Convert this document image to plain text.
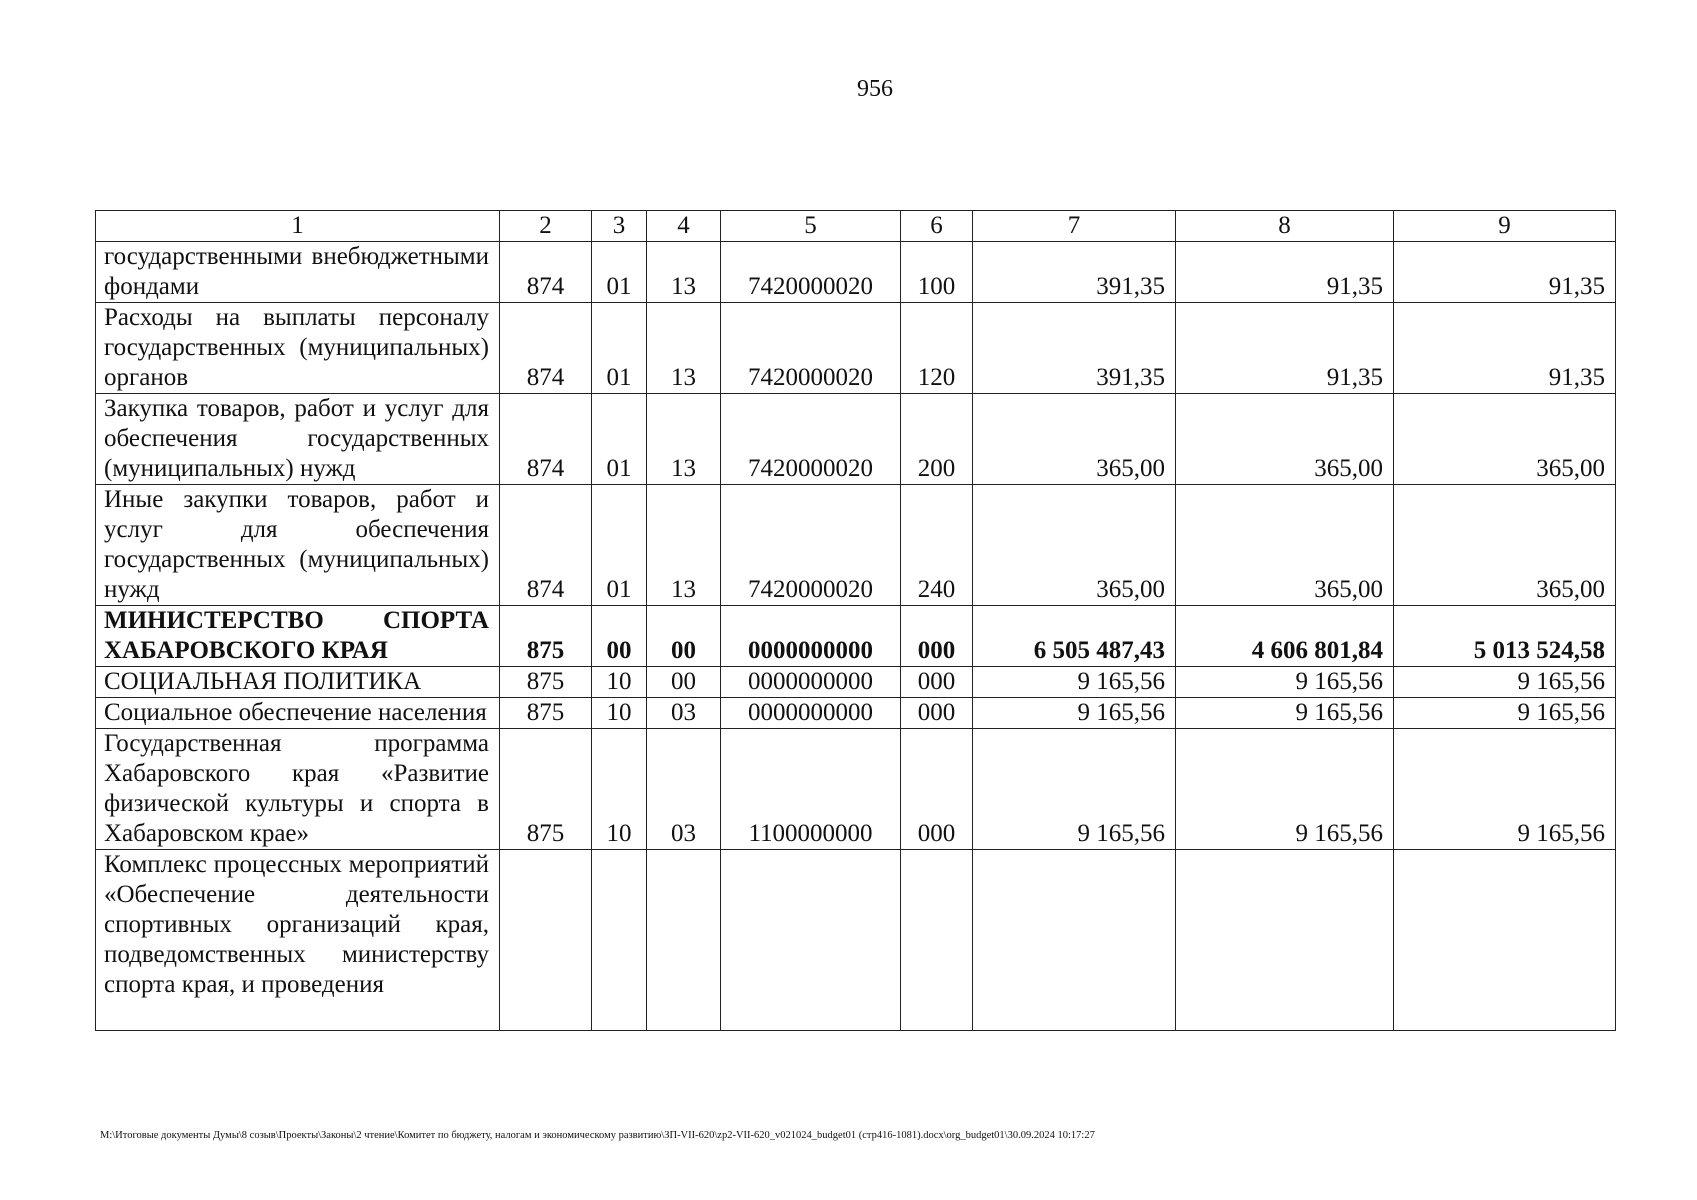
956
1	2	3	4	5	6	7	8	9
государственными внебюджетными фондами	874	01	13	7420000020	100	391,35	91,35	91,35
Расходы на выплаты персоналу государственных (муниципальных) органов	874	01	13	7420000020	120	391,35	91,35	91,35
Закупка товаров, работ и услуг для обеспечения государственных (муниципальных) нужд	874	01	13	7420000020	200	365,00	365,00	365,00
Иные закупки товаров, работ и услуг для обеспечения государственных (муниципальных) нужд	874	01	13	7420000020	240	365,00	365,00	365,00
МИНИСТЕРСТВО СПОРТА ХАБАРОВСКОГО КРАЯ	875	00	00	0000000000	000	6 505 487,43	4 606 801,84	5 013 524,58
СОЦИАЛЬНАЯ ПОЛИТИКА	875	10	00	0000000000	000	9 165,56	9 165,56	9 165,56
Социальное обеспечение населения	875	10	03	0000000000	000	9 165,56	9 165,56	9 165,56
Государственная программа Хабаровского края «Развитие физической культуры и спорта в Хабаровском крае»	875	10	03	1100000000	000	9 165,56	9 165,56	9 165,56
Комплекс процессных мероприятий «Обеспечение деятельности спортивных организаций края, подведомственных министерству спорта края, и проведения								
M:\Итоговые документы Думы\8 созыв\Проекты\Законы\2 чтение\Комитет по бюджету, налогам и экономическому развитию\ЗП-VII-620\zp2-VII-620_v021024_budget01 (стр416-1081).docx\org_budget01\30.09.2024 10:17:27
